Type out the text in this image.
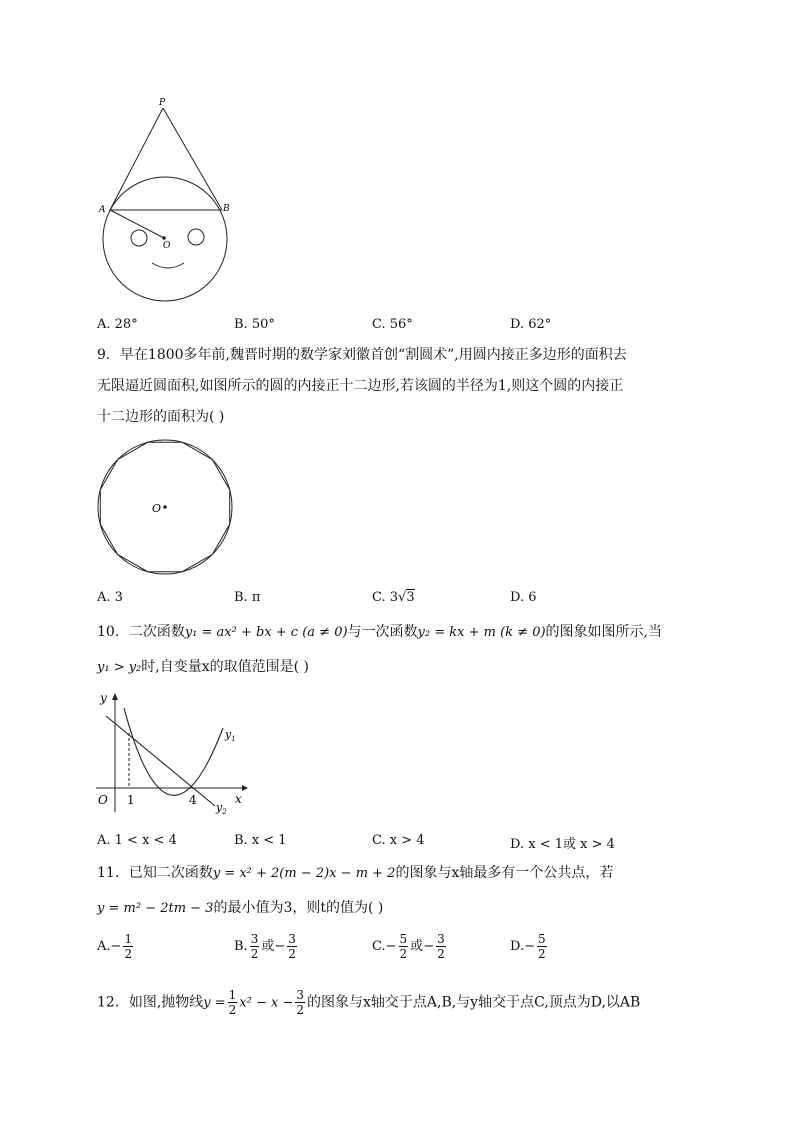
P
A	B
O
A. 28°	B. 50°	C. 56°	D. 62°
9．早在1800多年前,魏晋时期的数学家刘徽首创“割圆术”,用圆内接正多边形的面积去
无限逼近圆面积,如图所示的圆的内接正十二边形,若该圆的半径为1,则这个圆的内接正
十二边形的面积为( )
O
A. 3	B. π	C. 3√3	D. 6
10．二次函数y₁ = ax² + bx + c (a ≠ 0)与一次函数y₂ = kx + m (k ≠ 0)的图象如图所示,当
y₁ > y₂时,自变量x的取值范围是( )
y
x
O 1	4
$y_1$
$y_2$
A. 1 < x < 4	B. x < 1	C. x > 4	D. x < 1或 x > 4
11．已知二次函数y = x² + 2(m − 2)x − m + 2的图象与x轴最多有一个公共点，若
y = m² − 2tm − 3的最小值为3，则t的值为( )
$A.- \frac{1}{2}$	B. $\frac{3}{2}$ 或− $\frac{3}{2}$	$C.- \frac{5}{2}$ 或− $\frac{3}{2}$	$D.- \frac{5}{2}$
12．如图,抛物线$y = \frac{1}{2} x^2 - x - \frac{3}{2}$ 的图象与x轴交于点A,B,与y轴交于点C,顶点为D,以AB
